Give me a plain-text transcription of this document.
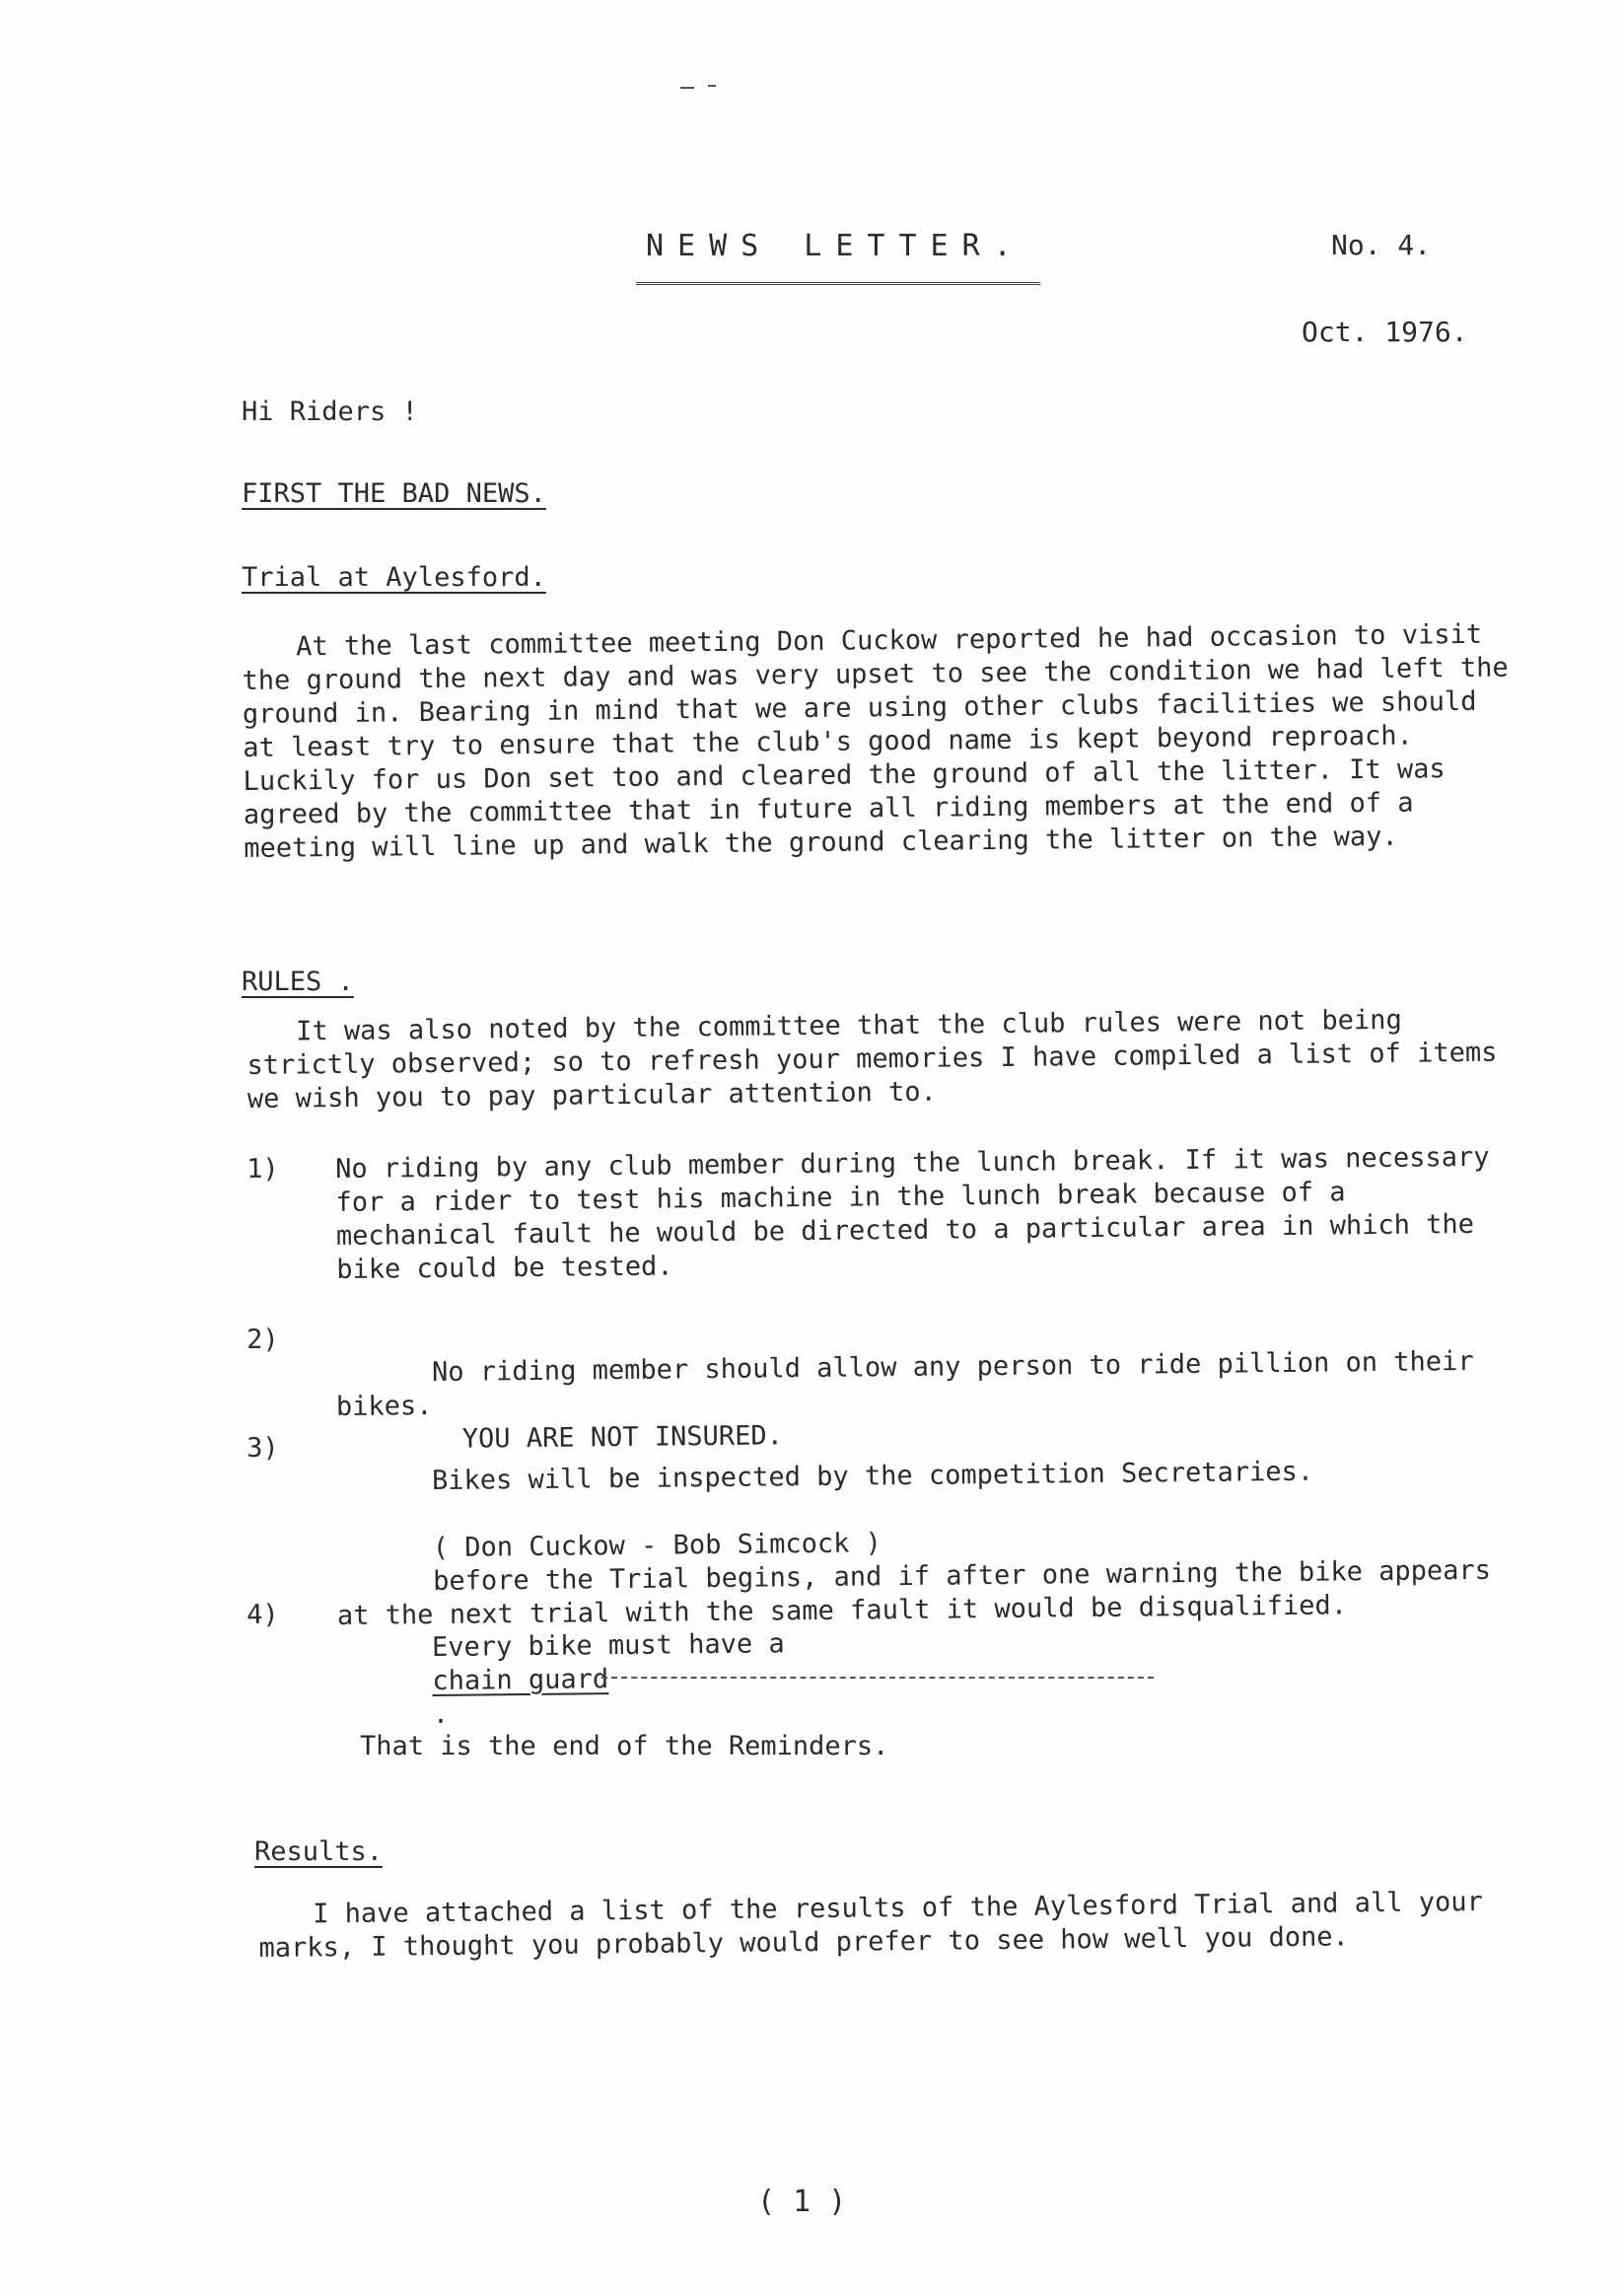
NEWS LETTER.	No. 4.
Oct. 1976.
Hi Riders !
FIRST THE BAD NEWS.
Trial at Aylesford.
At the last committee meeting Don Cuckow reported he had occasion to visit the ground the next day and was very upset to see the condition we had left the ground in. Bearing in mind that we are using other clubs facilities we should at least try to ensure that the club's good name is kept beyond reproach. Luckily for us Don set too and cleared the ground of all the litter. It was agreed by the committee that in future all riding members at the end of a meeting will line up and walk the ground clearing the litter on the way.
RULES .
It was also noted by the committee that the club rules were not being strictly observed; so to refresh your memories I have compiled a list of items we wish you to pay particular attention to.
1)	No riding by any club member during the lunch break. If it was necessary for a rider to test his machine in the lunch break because of a mechanical fault he would be directed to a particular area in which the bike could be tested.
2)

No riding member should allow any person to ride pillion on their bikes.
YOU ARE NOT INSURED.

3)

Bikes will be inspected by the competition Secretaries.

( Don Cuckow - Bob Simcock )
before the Trial begins, and if after one warning the bike appears at the next trial with the same fault it would be disqualified.

4)

Every bike must have a
chain guard
.

That is the end of the Reminders.
Results.
I have attached a list of the results of the Aylesford Trial and all your marks, I thought you probably would prefer to see how well you done.
( 1 )
